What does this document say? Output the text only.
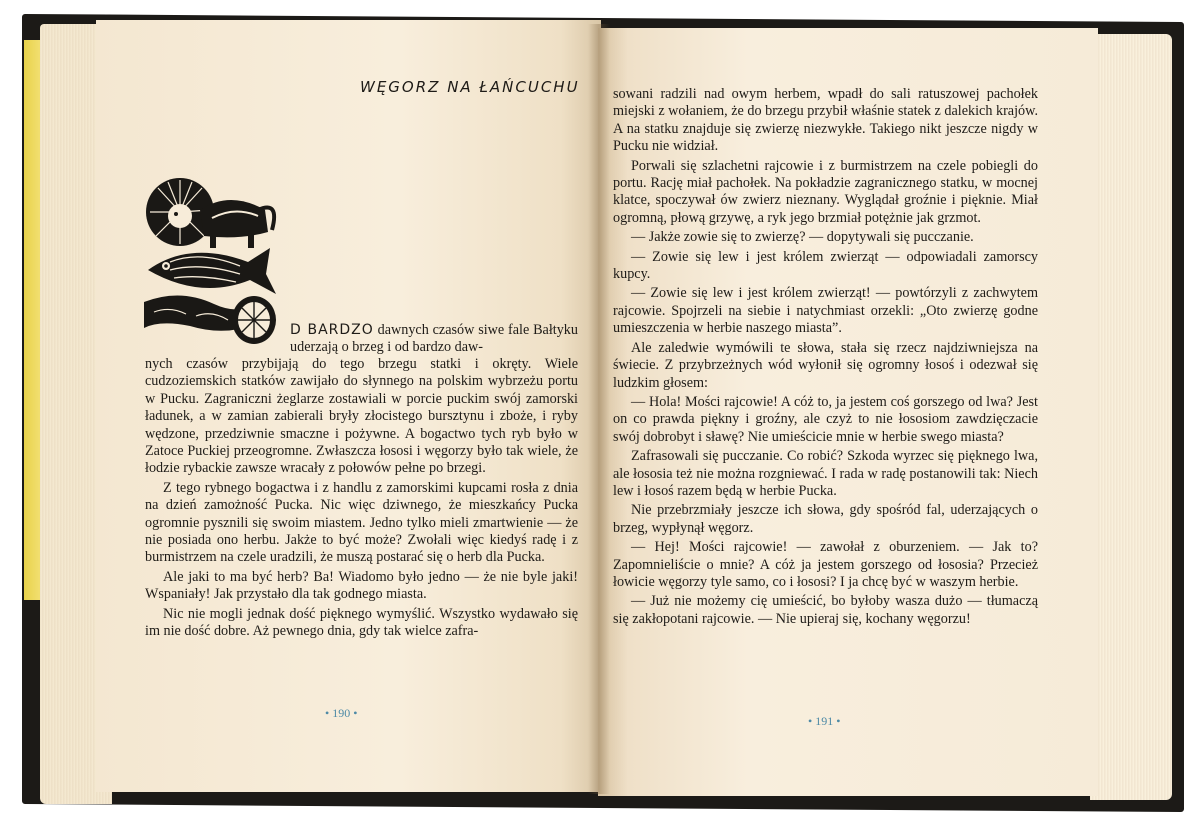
WĘGORZ NA ŁAŃCUCHU

D BARDZO dawnych czasów siwe fale Bałtyku uderzają o brzeg i od bardzo daw-

nych czasów przybijają do tego brzegu statki i okręty. Wiele cudzoziemskich statków zawijało do słynnego na polskim wybrzeżu portu w Pucku. Zagraniczni żeglarze zostawiali w porcie puckim swój zamorski ładunek, a w zamian zabierali bryły złocistego bursztynu i zboże, i ryby wędzone, przedziwnie smaczne i pożywne. A bogactwo tych ryb było w Zatoce Puckiej przeogromne. Zwłaszcza łososi i węgorzy było tak wiele, że łodzie rybackie zawsze wracały z połowów pełne po brzegi.

Z tego rybnego bogactwa i z handlu z zamorskimi kupcami rosła z dnia na dzień zamożność Pucka. Nic więc dziwnego, że mieszkańcy Pucka ogromnie pysznili się swoim miastem. Jedno tylko mieli zmartwienie — że nie posiada ono herbu. Jakże to być może? Zwołali więc kiedyś radę i z burmistrzem na czele uradzili, że muszą postarać się o herb dla Pucka.

Ale jaki to ma być herb? Ba! Wiadomo było jedno — że nie byle jaki! Wspaniały! Jak przystało dla tak godnego miasta.

Nic nie mogli jednak dość pięknego wymyślić. Wszystko wydawało się im nie dość dobre. Aż pewnego dnia, gdy tak wielce zafra-

sowani radzili nad owym herbem, wpadł do sali ratuszowej pachołek miejski z wołaniem, że do brzegu przybił właśnie statek z dalekich krajów. A na statku znajduje się zwierzę niezwykłe. Takiego nikt jeszcze nigdy w Pucku nie widział.

Porwali się szlachetni rajcowie i z burmistrzem na czele pobiegli do portu. Rację miał pachołek. Na pokładzie zagranicznego statku, w mocnej klatce, spoczywał ów zwierz nieznany. Wyglądał groźnie i pięknie. Miał ogromną, płową grzywę, a ryk jego brzmiał potężnie jak grzmot.

— Jakże zowie się to zwierzę? — dopytywali się pucczanie.

— Zowie się lew i jest królem zwierząt — odpowiadali zamorscy kupcy.

— Zowie się lew i jest królem zwierząt! — powtórzyli z zachwytem rajcowie. Spojrzeli na siebie i natychmiast orzekli: „Oto zwierzę godne umieszczenia w herbie naszego miasta”.

Ale zaledwie wymówili te słowa, stała się rzecz najdziwniejsza na świecie. Z przybrzeżnych wód wyłonił się ogromny łosoś i odezwał się ludzkim głosem:

— Hola! Mości rajcowie! A cóż to, ja jestem coś gorszego od lwa? Jest on co prawda piękny i groźny, ale czyż to nie łososiom zawdzięczacie swój dobrobyt i sławę? Nie umieścicie mnie w herbie swego miasta?

Zafrasowali się pucczanie. Co robić? Szkoda wyrzec się pięknego lwa, ale łososia też nie można rozgniewać. I rada w radę postanowili tak: Niech lew i łosoś razem będą w herbie Pucka.

Nie przebrzmiały jeszcze ich słowa, gdy spośród fal, uderzających o brzeg, wypłynął węgorz.

— Hej! Mości rajcowie! — zawołał z oburzeniem. — Jak to? Zapomnieliście o mnie? A cóż ja jestem gorszego od łososia? Przecież łowicie węgorzy tyle samo, co i łososi? I ja chcę być w waszym herbie.

— Już nie możemy cię umieścić, bo byłoby wasza dużo — tłumaczą się zakłopotani rajcowie. — Nie upieraj się, kochany węgorzu!

• 190 •
• 191 •
